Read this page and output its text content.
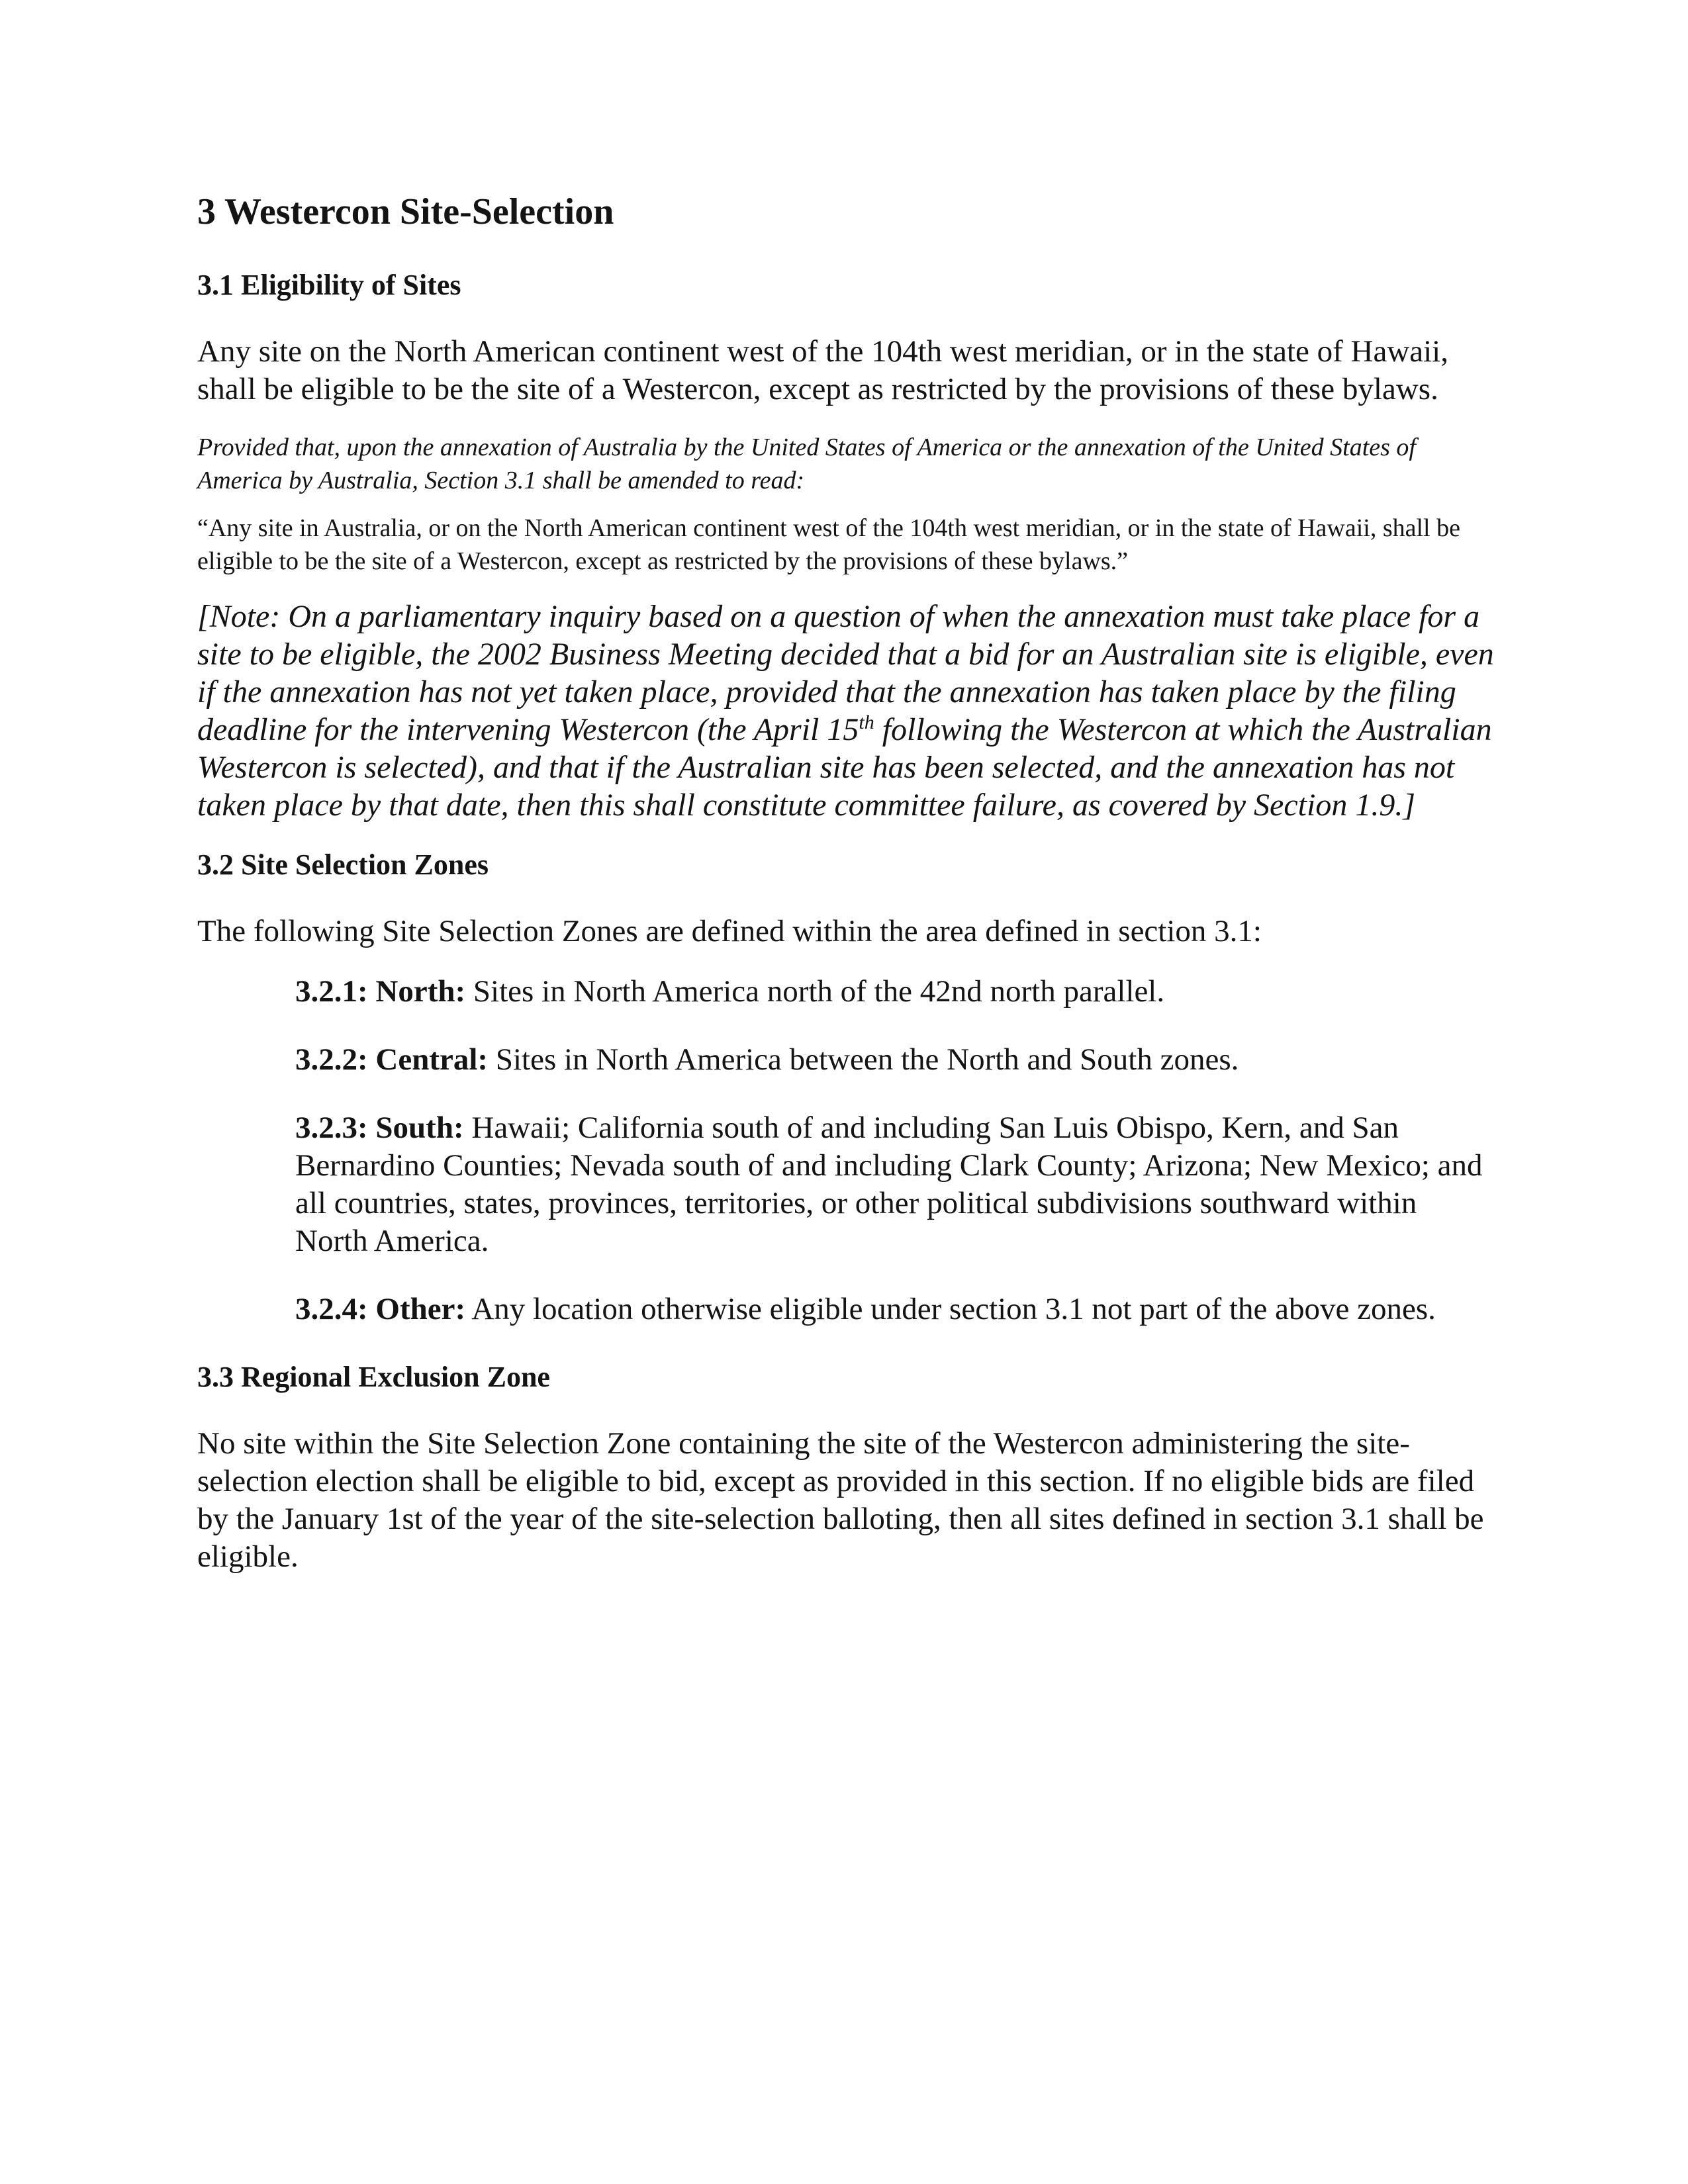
3 Westercon Site-Selection
3.1 Eligibility of Sites

Any site on the North American continent west of the 104th west meridian, or in the state of Hawaii, shall be eligible to be the site of a Westercon, except as restricted by the provisions of these bylaws.

Provided that, upon the annexation of Australia by the United States of America or the annexation of the United States of America by Australia, Section 3.1 shall be amended to read:

“Any site in Australia, or on the North American continent west of the 104th west meridian, or in the state of Hawaii, shall be eligible to be the site of a Westercon, except as restricted by the provisions of these bylaws.”

[Note: On a parliamentary inquiry based on a question of when the annexation must take place for a site to be eligible, the 2002 Business Meeting decided that a bid for an Australian site is eligible, even if the annexation has not yet taken place, provided that the annexation has taken place by the filing deadline for the intervening Westercon (the April 15th following the Westercon at which the Australian Westercon is selected), and that if the Australian site has been selected, and the annexation has not taken place by that date, then this shall constitute committee failure, as covered by Section 1.9.]

3.2 Site Selection Zones

The following Site Selection Zones are defined within the area defined in section 3.1:

3.2.1: North: Sites in North America north of the 42nd north parallel.

3.2.2: Central: Sites in North America between the North and South zones.

3.2.3: South: Hawaii; California south of and including San Luis Obispo, Kern, and San Bernardino Counties; Nevada south of and including Clark County; Arizona; New Mexico; and all countries, states, provinces, territories, or other political subdivisions southward within North America.

3.2.4: Other: Any location otherwise eligible under section 3.1 not part of the above zones.

3.3 Regional Exclusion Zone

No site within the Site Selection Zone containing the site of the Westercon administering the site-selection election shall be eligible to bid, except as provided in this section. If no eligible bids are filed by the January 1st of the year of the site-selection balloting, then all sites defined in section 3.1 shall be eligible.
